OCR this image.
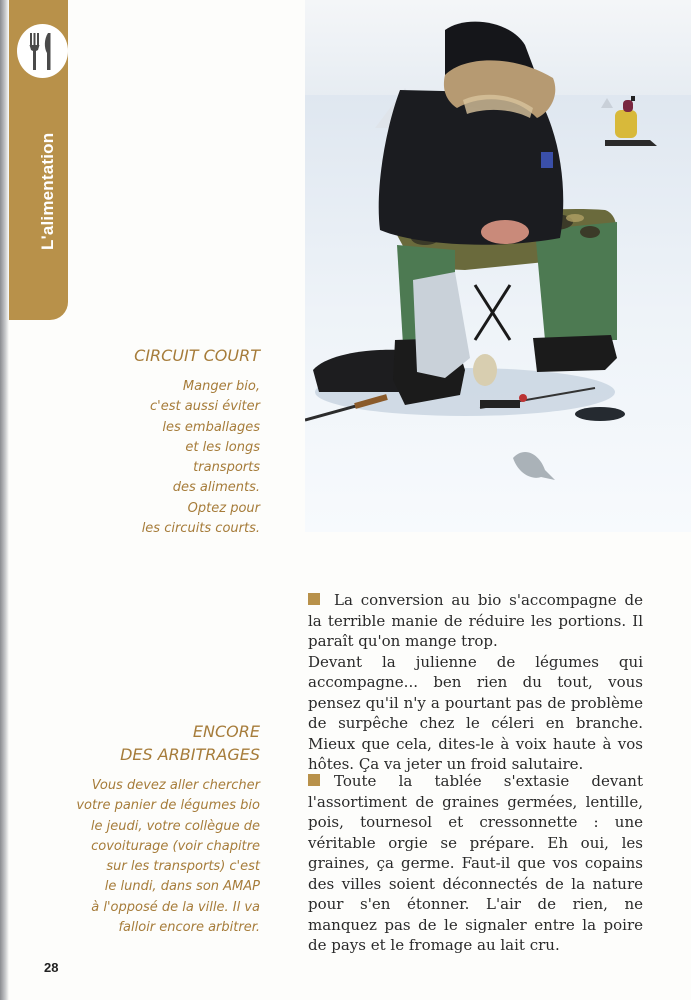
L'alimentation
CIRCUIT COURT
Manger bio,
c'est aussi éviter
les emballages
et les longs
transports
des aliments.
Optez pour
les circuits courts.
ENCORE
DES ARBITRAGES
Vous devez aller chercher
votre panier de légumes bio
le jeudi, votre collègue de
covoiturage (voir chapitre
sur les transports) c'est
le lundi, dans son AMAP
à l'opposé de la ville. Il va
falloir encore arbitrer.

La conversion au bio s'accompagne de la terrible manie de réduire les portions. Il paraît qu'on mange trop.

Devant la julienne de légumes qui accompagne... ben rien du tout, vous pensez qu'il n'y a pourtant pas de problème de surpêche chez le céleri en branche. Mieux que cela, dites-le à voix haute à vos hôtes. Ça va jeter un froid salutaire.

Toute la tablée s'extasie devant l'assortiment de graines germées, lentille, pois, tournesol et cressonnette : une véritable orgie se prépare. Eh oui, les graines, ça germe. Faut-il que vos copains des villes soient déconnectés de la nature pour s'en étonner. L'air de rien, ne manquez pas de le signaler entre la poire de pays et le fromage au lait cru.

28
